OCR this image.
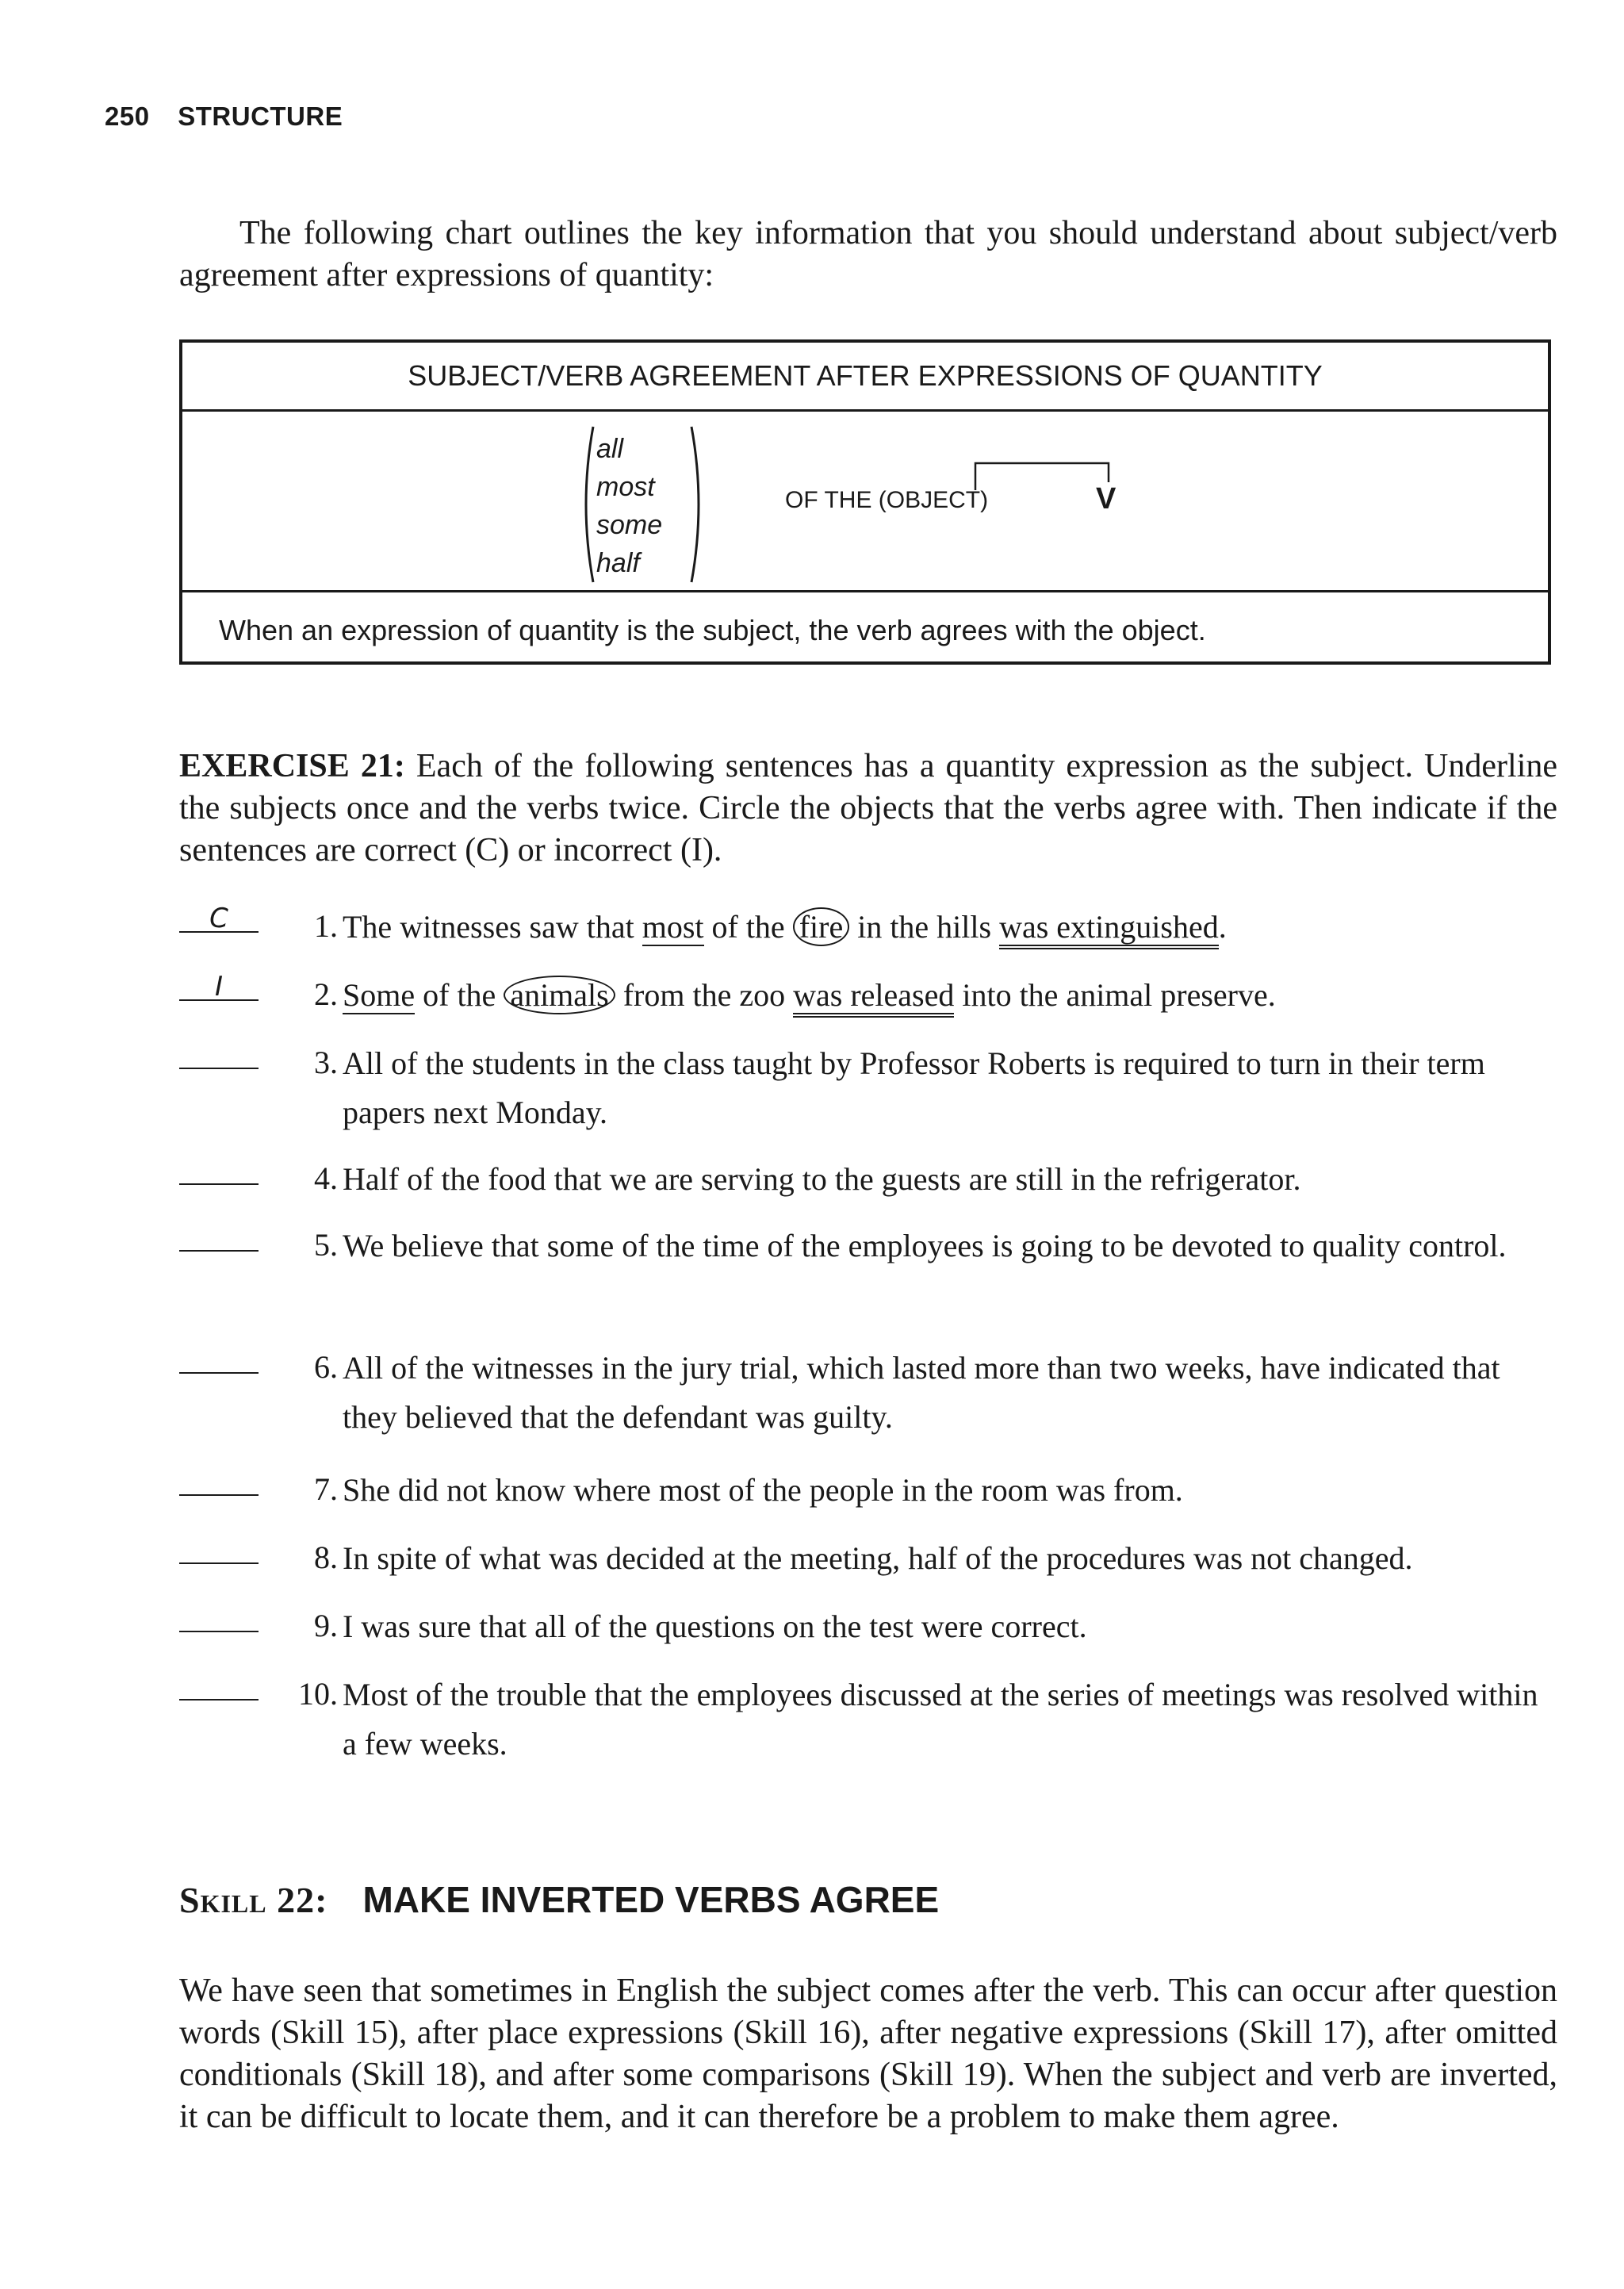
250 STRUCTURE

The following chart outlines the key information that you should understand about subject/verb agreement after expressions of quantity:

SUBJECT/VERB AGREEMENT AFTER EXPRESSIONS OF QUANTITY
all
most
some
half
OF THE (OBJECT)	V
When an expression of quantity is the subject, the verb agrees with the object.

EXERCISE 21: Each of the following sentences has a quantity expression as the subject. Underline the subjects once and the verbs twice. Circle the objects that the verbs agree with. Then indicate if the sentences are correct (C) or incorrect (I).

C	1. The witnesses saw that most of the fire in the hills was extinguished.
I	2. Some of the animals from the zoo was released into the animal preserve.
3. All of the students in the class taught by Professor Roberts is required to turn in their term papers next Monday.
4. Half of the food that we are serving to the guests are still in the refrigerator.
5. We believe that some of the time of the employees is going to be devoted to quality control.
6. All of the witnesses in the jury trial, which lasted more than two weeks, have indicated that they believed that the defendant was guilty.
7. She did not know where most of the people in the room was from.
8. In spite of what was decided at the meeting, half of the procedures was not changed.
9. I was sure that all of the questions on the test were correct.
10. Most of the trouble that the employees discussed at the series of meetings was resolved within a few weeks.
Skill 22: MAKE INVERTED VERBS AGREE

We have seen that sometimes in English the subject comes after the verb. This can occur after question words (Skill 15), after place expressions (Skill 16), after negative expressions (Skill 17), after omitted conditionals (Skill 18), and after some comparisons (Skill 19). When the subject and verb are inverted, it can be difficult to locate them, and it can therefore be a problem to make them agree.
